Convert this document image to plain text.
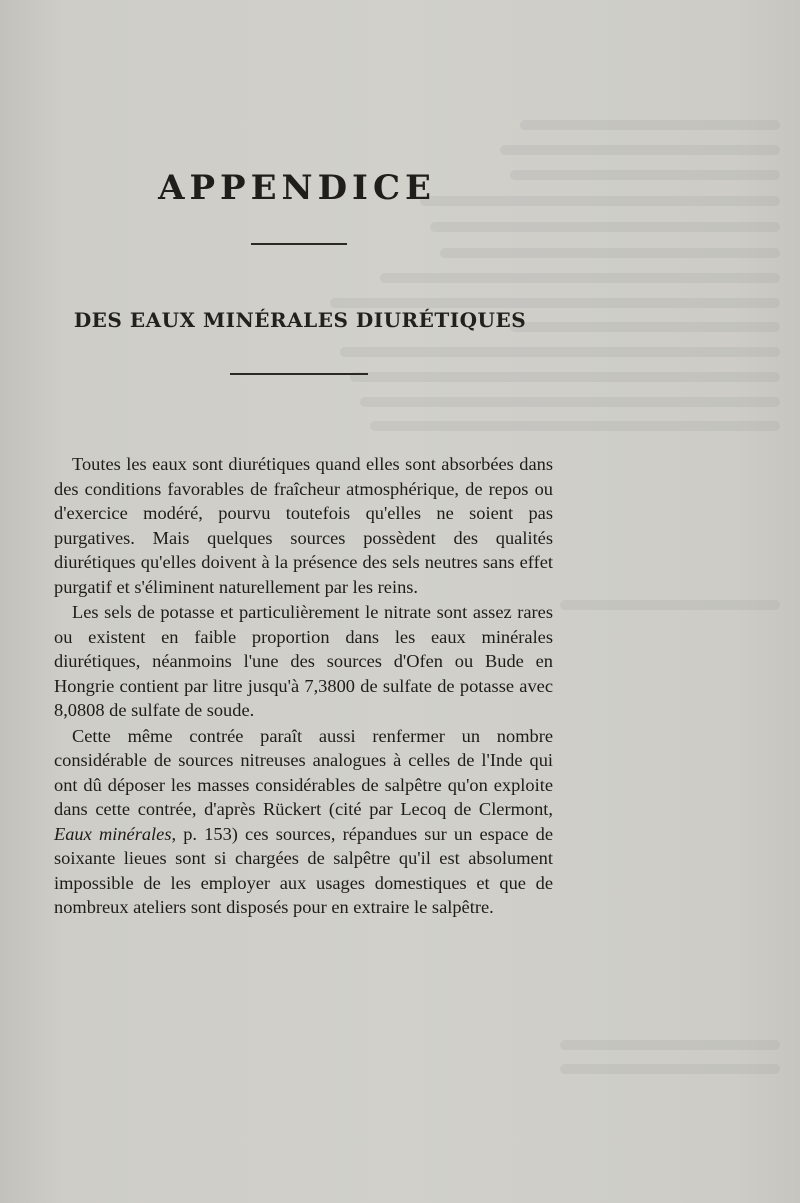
APPENDICE
DES EAUX MINÉRALES DIURÉTIQUES

Toutes les eaux sont diurétiques quand elles sont absorbées dans des conditions favorables de fraîcheur atmosphérique, de repos ou d'exercice modéré, pourvu toutefois qu'elles ne soient pas purgatives. Mais quelques sources possèdent des qualités diurétiques qu'elles doivent à la présence des sels neutres sans effet purgatif et s'éliminent naturellement par les reins.

Les sels de potasse et particulièrement le nitrate sont assez rares ou existent en faible proportion dans les eaux minérales diurétiques, néanmoins l'une des sources d'Ofen ou Bude en Hongrie contient par litre jusqu'à 7,3800 de sulfate de potasse avec 8,0808 de sulfate de soude.

Cette même contrée paraît aussi renfermer un nombre considérable de sources nitreuses analogues à celles de l'Inde qui ont dû déposer les masses considérables de salpêtre qu'on exploite dans cette contrée, d'après Rückert (cité par Lecoq de Clermont, Eaux minérales, p. 153) ces sources, répandues sur un espace de soixante lieues sont si chargées de salpêtre qu'il est absolument impossible de les employer aux usages domestiques et que de nombreux ateliers sont disposés pour en extraire le salpêtre.
